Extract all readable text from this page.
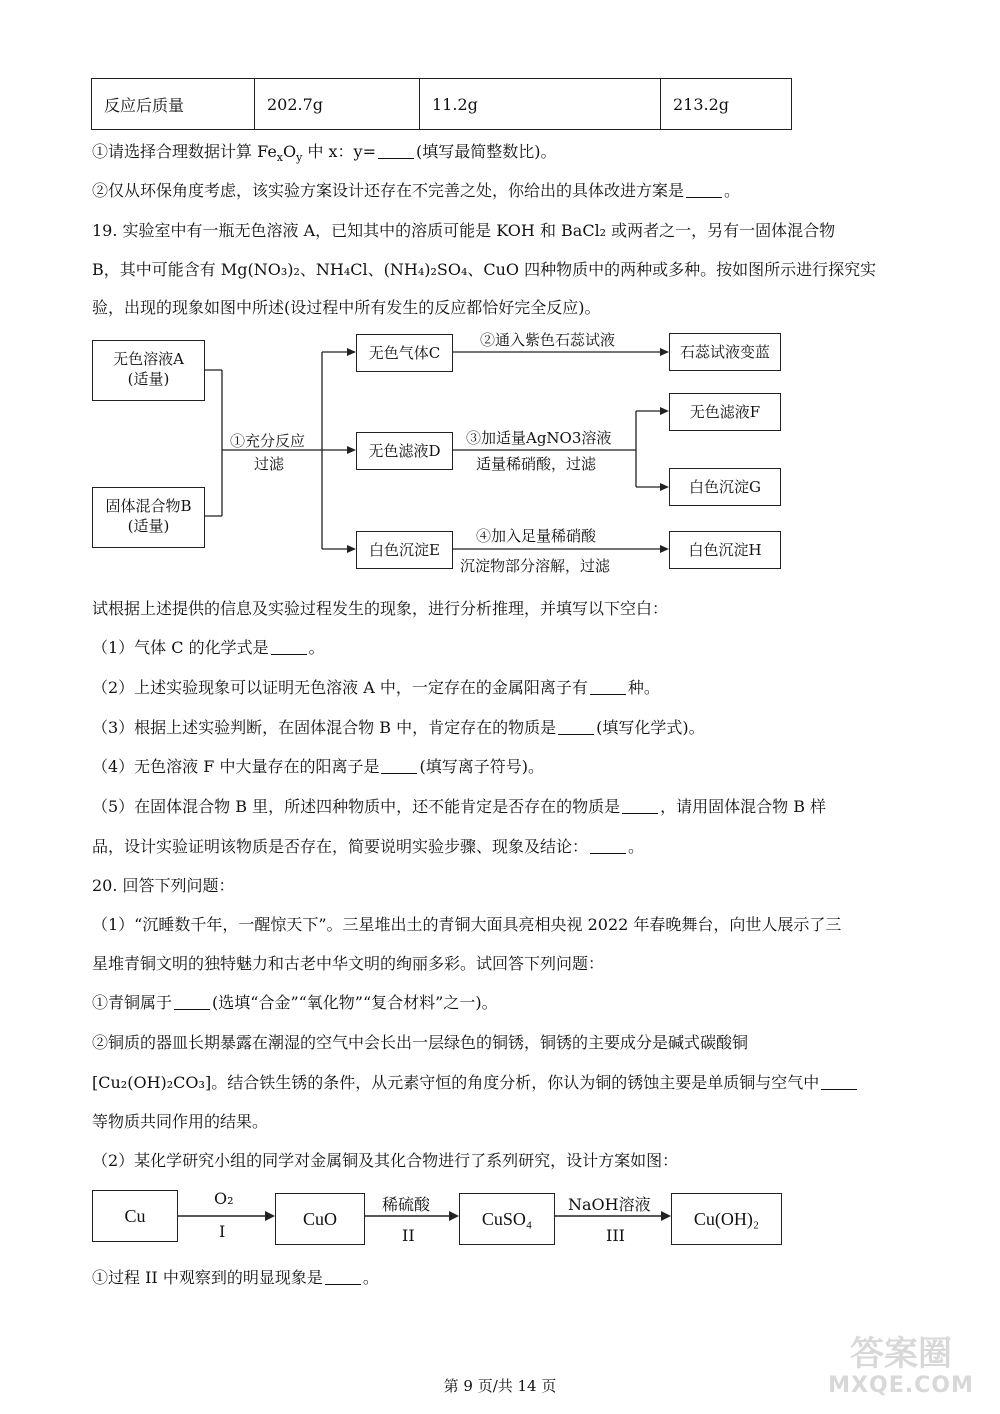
反应后质量	202.7g	11.2g	213.2g
①请选择合理数据计算 $Fe_xO_y$ 中 x：y=	(填写最简整数比)。
②仅从环保角度考虑，该实验方案设计还存在不完善之处，你给出的具体改进方案是	。
19. 实验室中有一瓶无色溶液 A，已知其中的溶质可能是 KOH 和 BaCl₂ 或两者之一，另有一固体混合物
B，其中可能含有 Mg(NO₃)₂、NH₄Cl、(NH₄)₂SO₄、CuO 四种物质中的两种或多种。按如图所示进行探究实
验，出现的现象如图中所述(设过程中所有发生的反应都恰好完全反应)。
无色溶液A
(适量)
固体混合物B
(适量)
①充分反应
过滤
无色气体C
无色滤液D
白色沉淀E
②通入紫色石蕊试液
石蕊试液变蓝
③加适量AgNO3溶液
适量稀硝酸，过滤
无色滤液F
白色沉淀G
④加入足量稀硝酸
沉淀物部分溶解，过滤
白色沉淀H
试根据上述提供的信息及实验过程发生的现象，进行分析推理，并填写以下空白：
（1）气体 C 的化学式是	。
（2）上述实验现象可以证明无色溶液 A 中，一定存在的金属阳离子有	种。
（3）根据上述实验判断，在固体混合物 B 中，肯定存在的物质是	(填写化学式)。
（4）无色溶液 F 中大量存在的阳离子是	(填写离子符号)。
（5）在固体混合物 B 里，所述四种物质中，还不能肯定是否存在的物质是	，请用固体混合物 B 样
品，设计实验证明该物质是否存在，简要说明实验步骤、现象及结论：	。
20. 回答下列问题：
（1）“沉睡数千年，一醒惊天下”。三星堆出土的青铜大面具亮相央视 2022 年春晚舞台，向世人展示了三
星堆青铜文明的独特魅力和古老中华文明的绚丽多彩。试回答下列问题：
①青铜属于	(选填“合金”“氧化物”“复合材料”之一)。
②铜质的器皿长期暴露在潮湿的空气中会长出一层绿色的铜锈，铜锈的主要成分是碱式碳酸铜
[Cu₂(OH)₂CO₃]。结合铁生锈的条件，从元素守恒的角度分析，你认为铜的锈蚀主要是单质铜与空气中
等物质共同作用的结果。
（2）某化学研究小组的同学对金属铜及其化合物进行了系列研究，设计方案如图：
Cu
O₂
I
CuO
稀硫酸
II
CuSO₄
NaOH溶液
III
Cu(OH)₂
①过程 II 中观察到的明显现象是	。
第 9 页/共 14 页
答案圈
MXQE.COM
